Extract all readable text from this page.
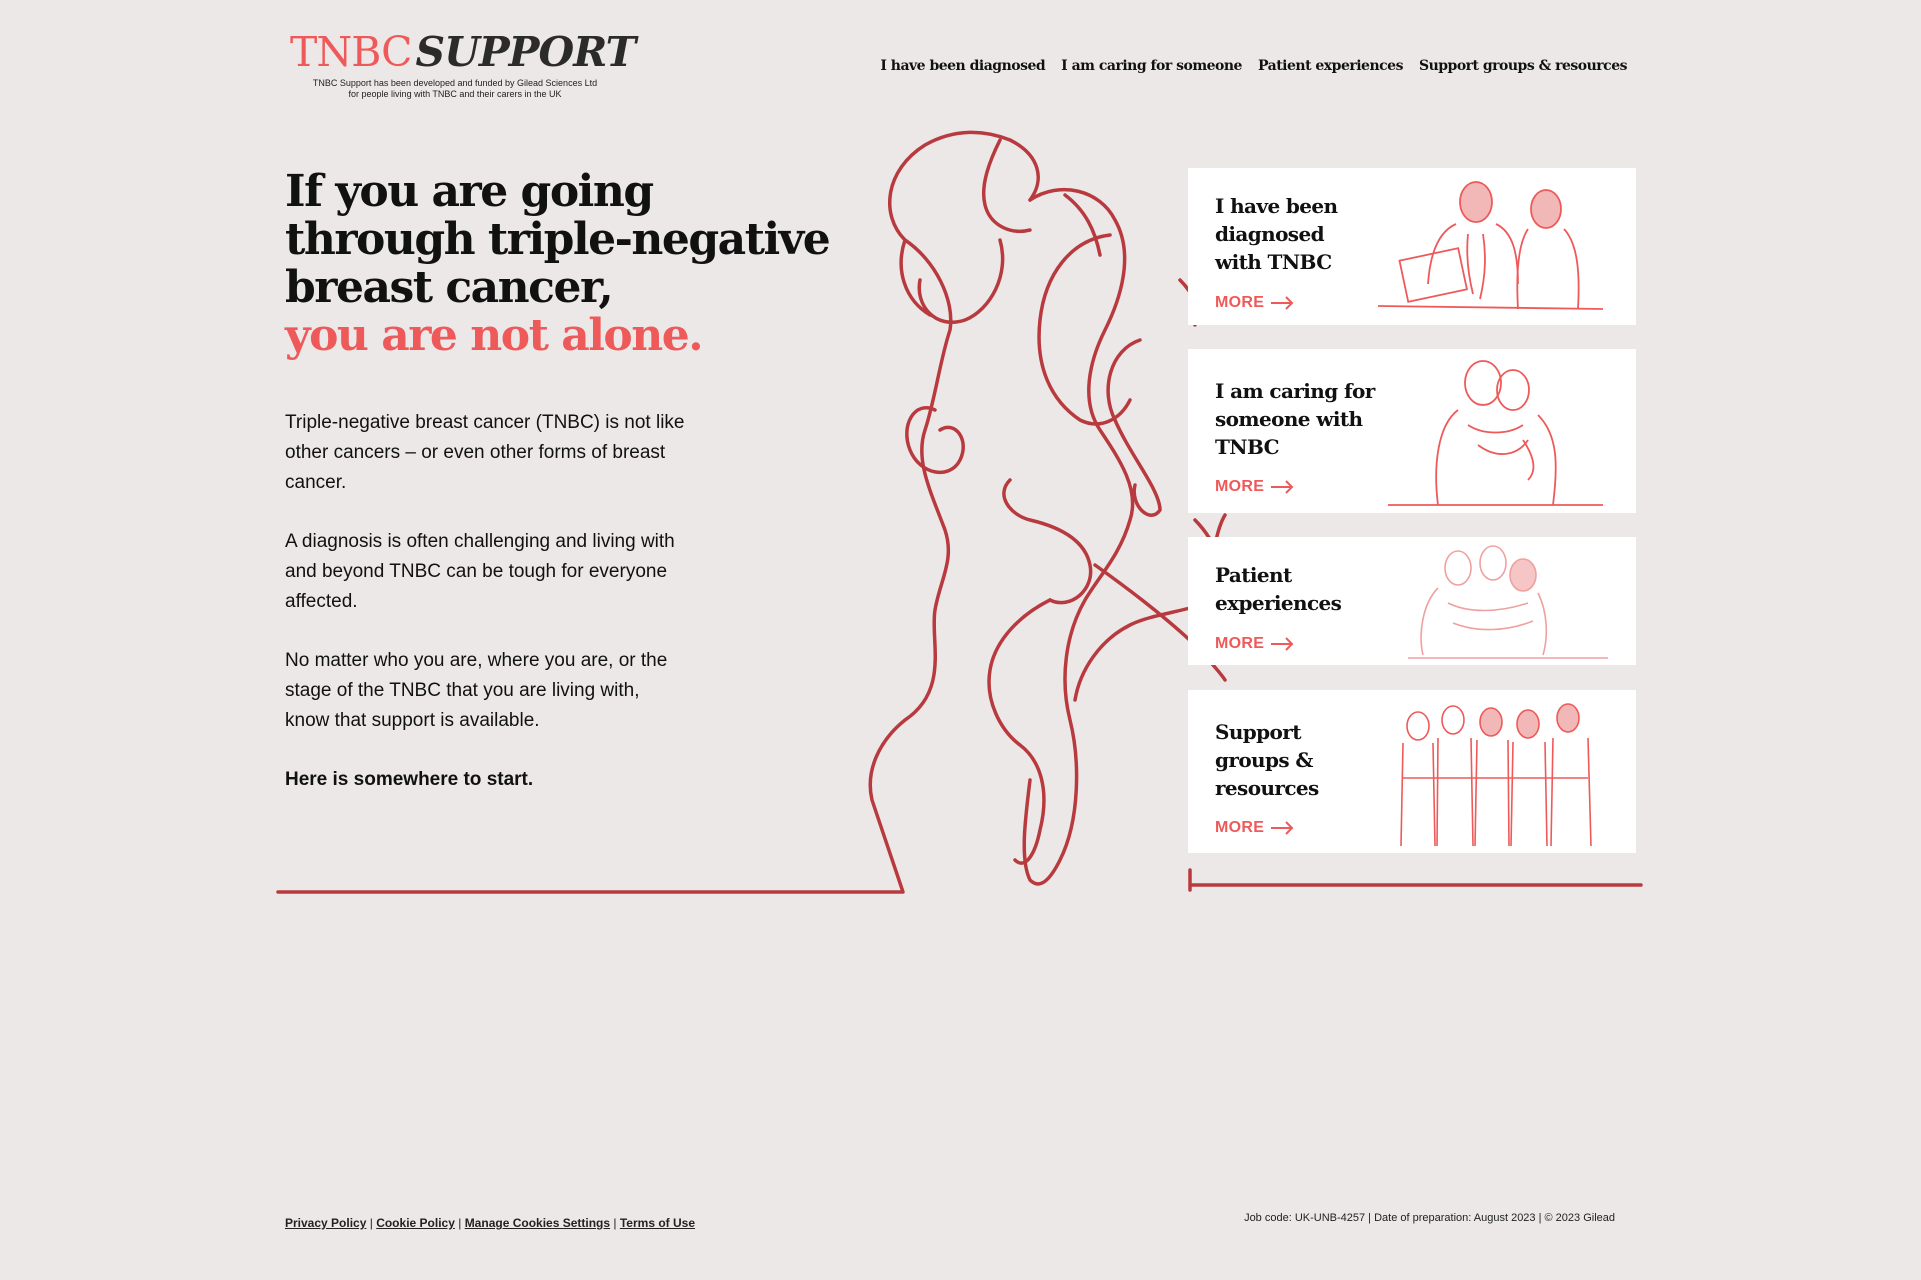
TNBCSUPPORT
TNBC Support has been developed and funded by Gilead Sciences Ltd
for people living with TNBC and their carers in the UK
I have been diagnosed I am caring for someone Patient experiences Support groups & resources
If you are going
through triple-negative
breast cancer,
you are not alone.

Triple-negative breast cancer (TNBC) is not like other cancers – or even other forms of breast cancer.

A diagnosis is often challenging and living with and beyond TNBC can be tough for everyone affected.

No matter who you are, where you are, or the stage of the TNBC that you are living with, know that support is available.

Here is somewhere to start.

I have been
diagnosed
with TNBC
MORE
I am caring for
someone with
TNBC
MORE
Patient
experiences
MORE
Support
groups &
resources
MORE
Privacy Policy | Cookie Policy | Manage Cookies Settings | Terms of Use	Job code: UK-UNB-4257 | Date of preparation: August 2023 | © 2023 Gilead
